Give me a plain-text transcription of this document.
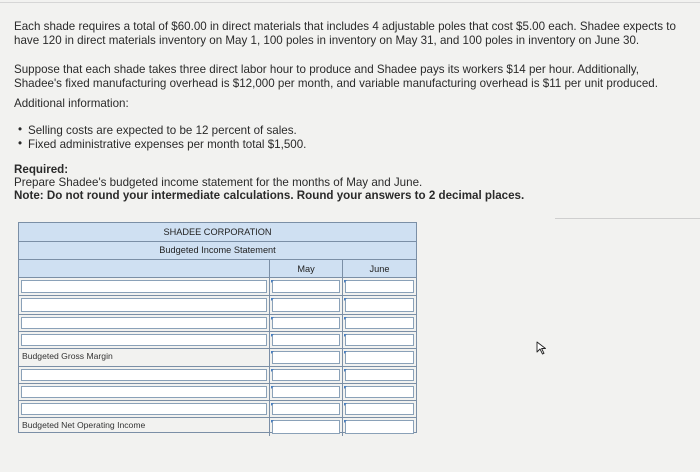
Each shade requires a total of $60.00 in direct materials that includes 4 adjustable poles that cost $5.00 each. Shadee expects to have 120 in direct materials inventory on May 1, 100 poles in inventory on May 31, and 100 poles in inventory on June 30.

Suppose that each shade takes three direct labor hour to produce and Shadee pays its workers $14 per hour. Additionally, Shadee's fixed manufacturing overhead is $12,000 per month, and variable manufacturing overhead is $11 per unit produced.

Additional information:
• Selling costs are expected to be 12 percent of sales.
• Fixed administrative expenses per month total $1,500.
Required:
Prepare Shadee's budgeted income statement for the months of May and June.
Note: Do not round your intermediate calculations. Round your answers to 2 decimal places.
SHADEE CORPORATION
Budgeted Income Statement
May	June
Budgeted Gross Margin
Budgeted Net Operating Income
